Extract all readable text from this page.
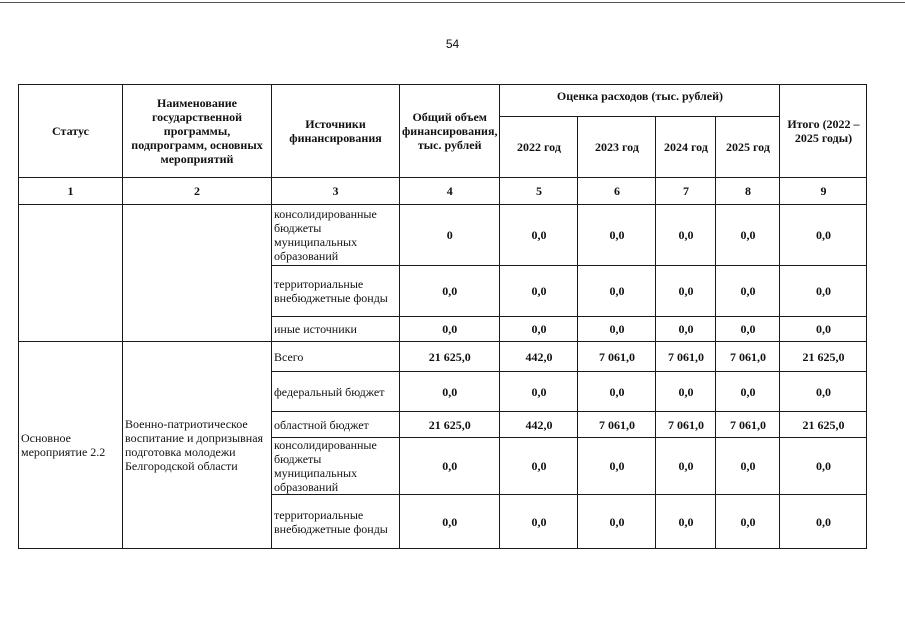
54
Статус	Наименование государственной программы, подпрограмм, основных мероприятий	Источники финансирования	Общий объем финансирования, тыс. рублей	Оценка расходов (тыс. рублей)				Итого (2022 – 2025 годы)
				2022 год	2023 год	2024 год	2025 год	
1	2	3	4	5	6	7	8	9
		консолидированные бюджеты муниципальных образований	0	0,0	0,0	0,0	0,0	0,0
		территориальные внебюджетные фонды	0,0	0,0	0,0	0,0	0,0	0,0
		иные источники	0,0	0,0	0,0	0,0	0,0	0,0
Основное мероприятие 2.2	Военно-патриотическое воспитание и допризывная подготовка молодежи Белгородской области	Всего	21 625,0	442,0	7 061,0	7 061,0	7 061,0	21 625,0
		федеральный бюджет	0,0	0,0	0,0	0,0	0,0	0,0
		областной бюджет	21 625,0	442,0	7 061,0	7 061,0	7 061,0	21 625,0
		консолидированные бюджеты муниципальных образований	0,0	0,0	0,0	0,0	0,0	0,0
		территориальные внебюджетные фонды	0,0	0,0	0,0	0,0	0,0	0,0
